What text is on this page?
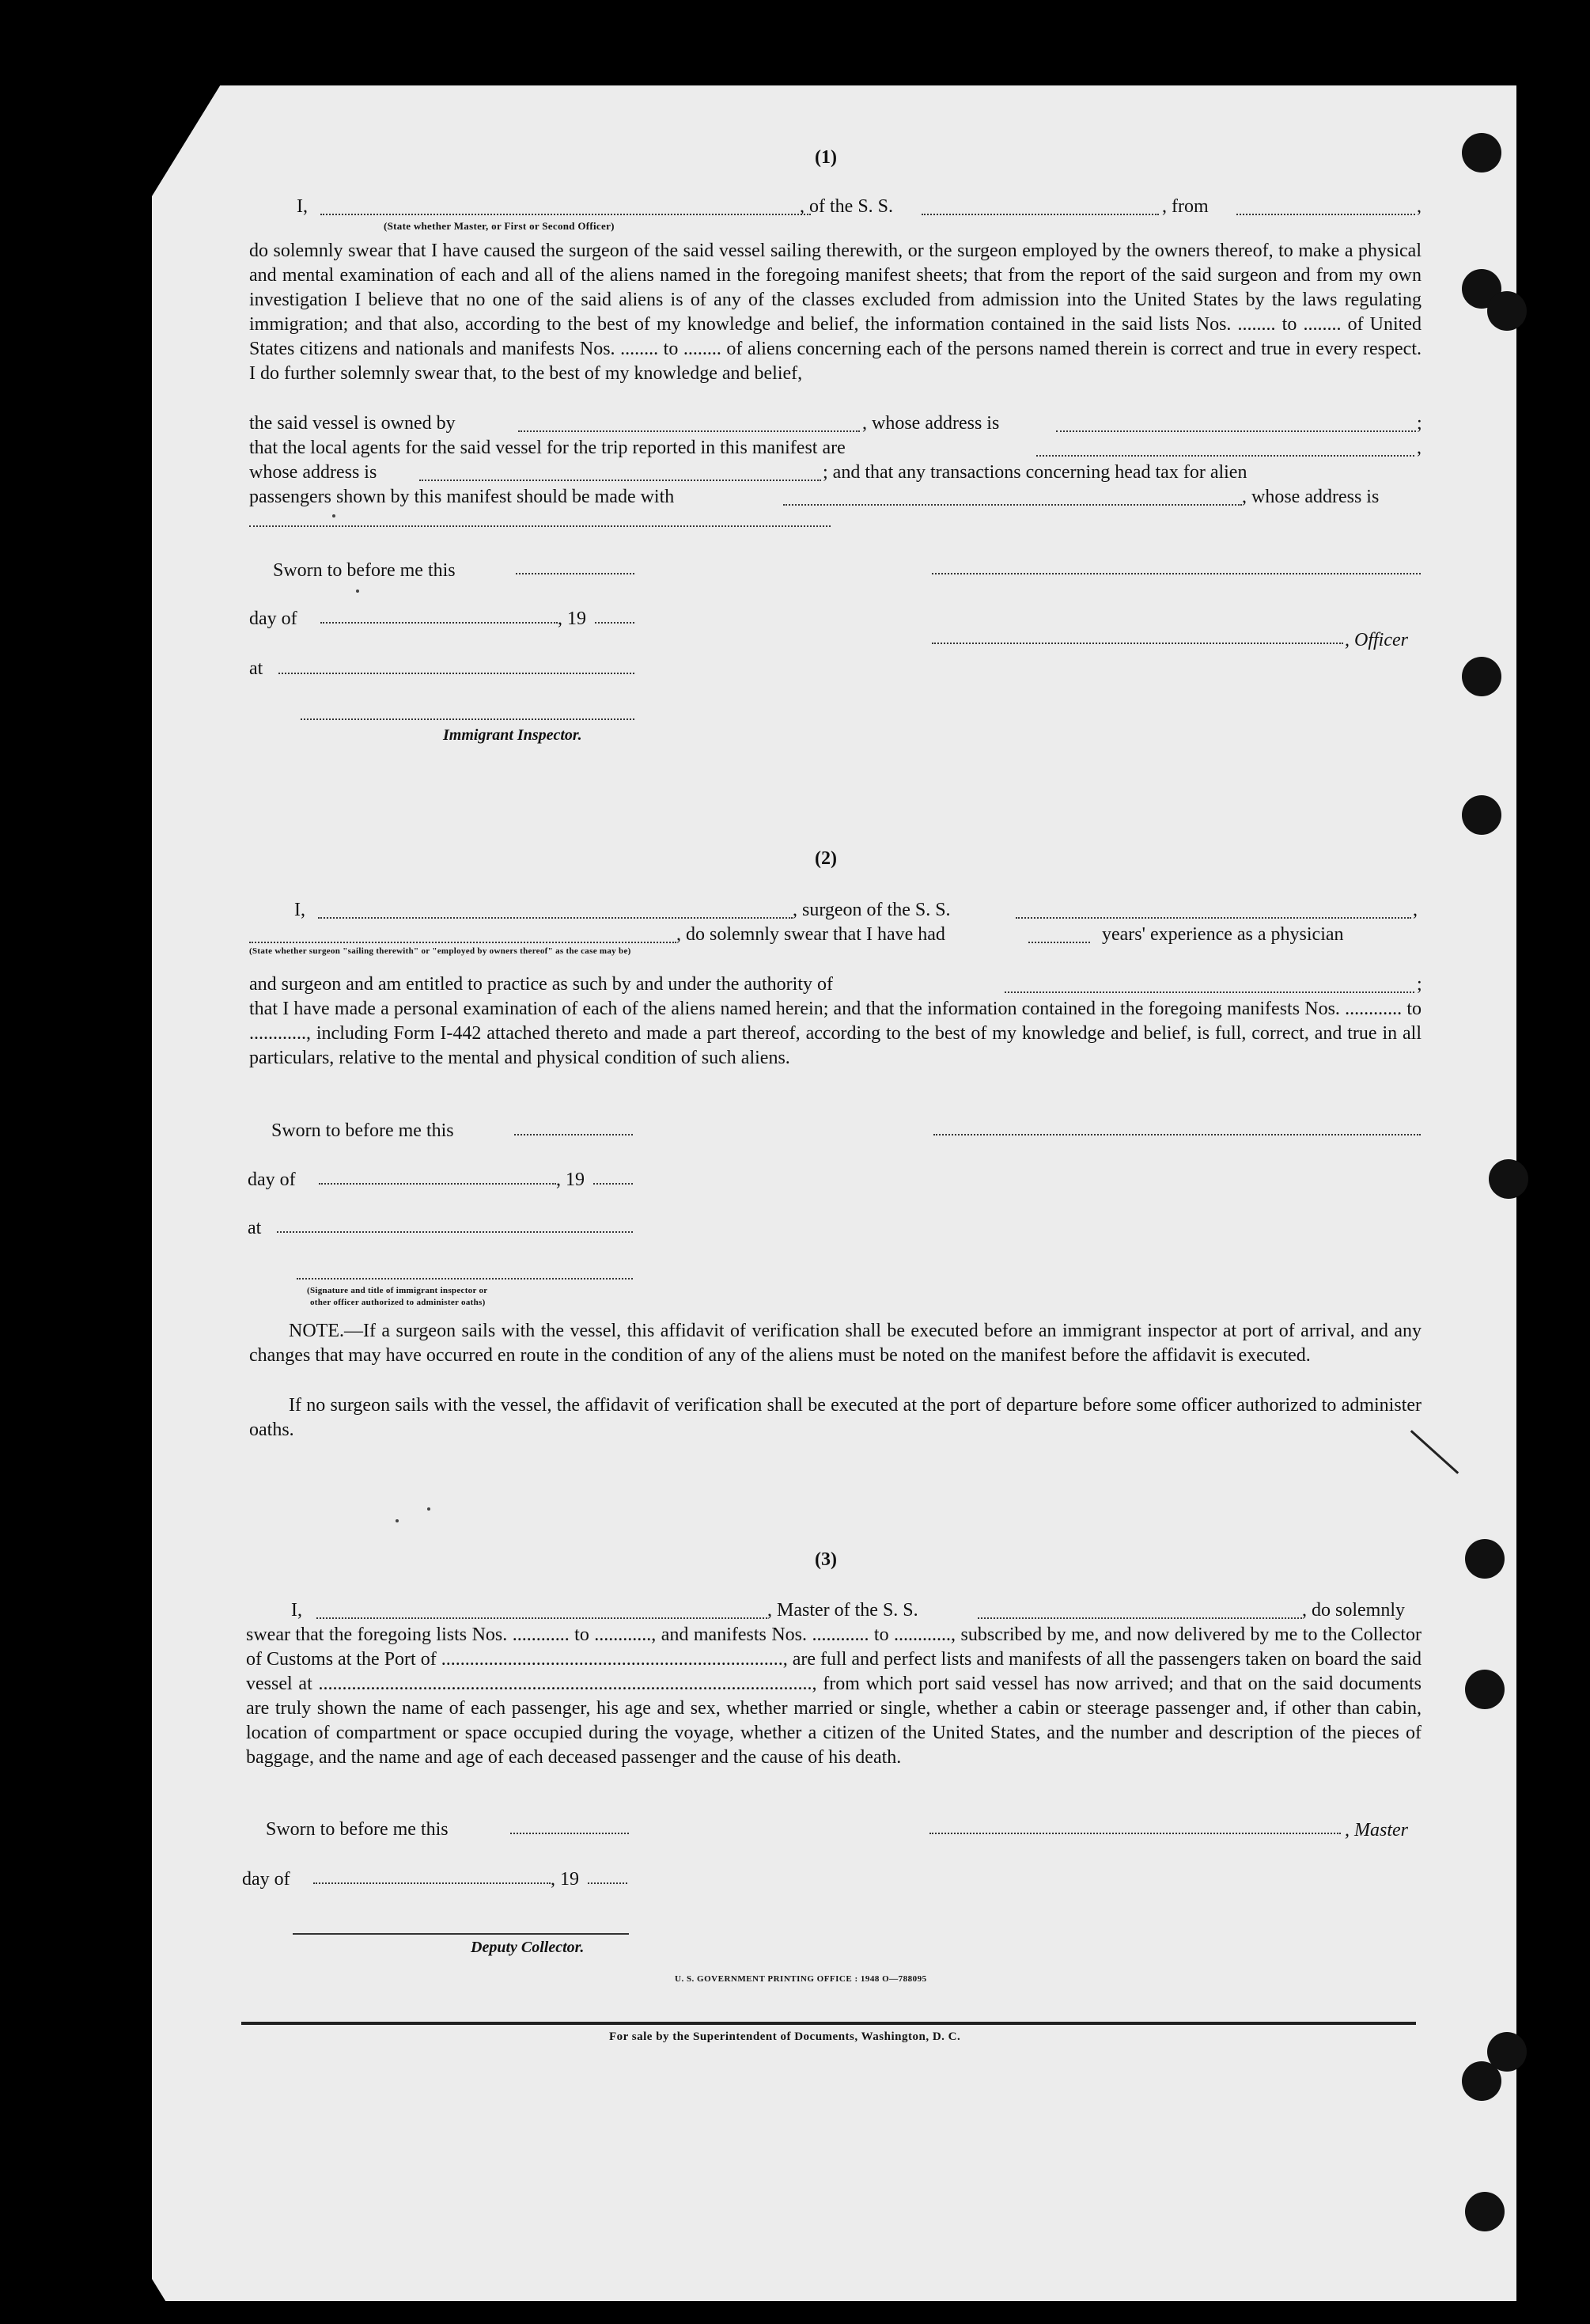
(1)
I,	, of the S. S.	, from	,
(State whether Master, or First or Second Officer)
do solemnly swear that I have caused the surgeon of the said vessel sailing therewith, or the surgeon employed by the owners thereof, to make a physical and mental examination of each and all of the aliens named in the foregoing manifest sheets; that from the report of the said surgeon and from my own investigation I believe that no one of the said aliens is of any of the classes excluded from admission into the United States by the laws regulating immigration; and that also, according to the best of my knowledge and belief, the information contained in the said lists Nos. ........ to ........ of United States citizens and nationals and manifests Nos. ........ to ........ of aliens concerning each of the persons named therein is correct and true in every respect. I do further solemnly swear that, to the best of my knowledge and belief,
the said vessel is owned by	, whose address is	;
that the local agents for the said vessel for the trip reported in this manifest are	,
whose address is	; and that any transactions concerning head tax for alien
passengers shown by this manifest should be made with	, whose address is
Sworn to before me this
day of	, 19
, Officer
at
Immigrant Inspector.
(2)
I,	, surgeon of the S. S.	,
, do solemnly swear that I have had	years' experience as a physician
(State whether surgeon "sailing therewith" or "employed by owners thereof" as the case may be)
and surgeon and am entitled to practice as such by and under the authority of	;
that I have made a personal examination of each of the aliens named herein; and that the information contained in the foregoing manifests Nos. ............ to ............, including Form I-442 attached thereto and made a part thereof, according to the best of my knowledge and belief, is full, correct, and true in all particulars, relative to the mental and physical condition of such aliens.
Sworn to before me this
day of	, 19
at
(Signature and title of immigrant inspector or
other officer authorized to administer oaths)
NOTE.—If a surgeon sails with the vessel, this affidavit of verification shall be executed before an immigrant inspector at port of arrival, and any changes that may have occurred en route in the condition of any of the aliens must be noted on the manifest before the affidavit is executed.
If no surgeon sails with the vessel, the affidavit of verification shall be executed at the port of departure before some officer authorized to administer oaths.
(3)
I,	, Master of the S. S.	, do solemnly
swear that the foregoing lists Nos. ............ to ............, and manifests Nos. ............ to ............, subscribed by me, and now delivered by me to the Collector of Customs at the Port of ........................................................................, are full and perfect lists and manifests of all the passengers taken on board the said vessel at ........................................................................................................, from which port said vessel has now arrived; and that on the said documents are truly shown the name of each passenger, his age and sex, whether married or single, whether a cabin or steerage passenger and, if other than cabin, location of compartment or space occupied during the voyage, whether a citizen of the United States, and the number and description of the pieces of baggage, and the name and age of each deceased passenger and the cause of his death.
Sworn to before me this	, Master
day of	, 19
Deputy Collector.
U. S. GOVERNMENT PRINTING OFFICE : 1948 O—788095
For sale by the Superintendent of Documents, Washington, D. C.
